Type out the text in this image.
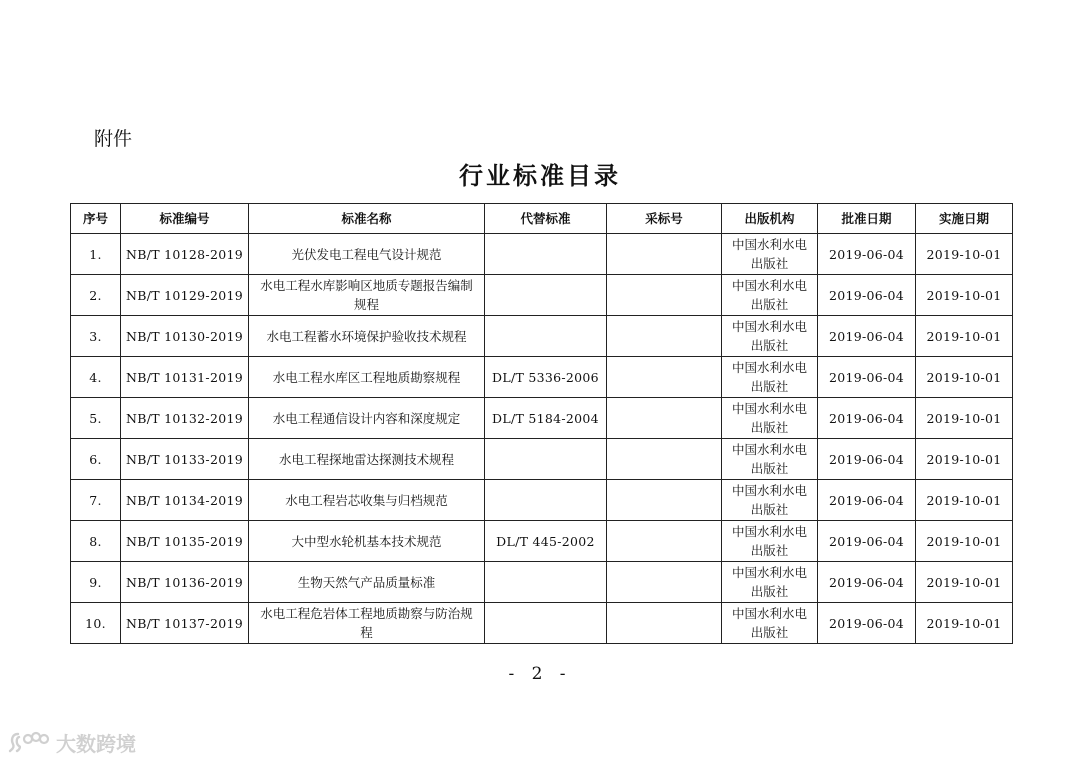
附件
行业标准目录
序号	标准编号	标准名称	代替标准	采标号	出版机构	批准日期	实施日期
1.	NB/T 10128-2019	光伏发电工程电气设计规范			中国水利水电出版社	2019-06-04	2019-10-01
2.	NB/T 10129-2019	水电工程水库影响区地质专题报告编制规程			中国水利水电出版社	2019-06-04	2019-10-01
3.	NB/T 10130-2019	水电工程蓄水环境保护验收技术规程			中国水利水电出版社	2019-06-04	2019-10-01
4.	NB/T 10131-2019	水电工程水库区工程地质勘察规程	DL/T 5336-2006		中国水利水电出版社	2019-06-04	2019-10-01
5.	NB/T 10132-2019	水电工程通信设计内容和深度规定	DL/T 5184-2004		中国水利水电出版社	2019-06-04	2019-10-01
6.	NB/T 10133-2019	水电工程探地雷达探测技术规程			中国水利水电出版社	2019-06-04	2019-10-01
7.	NB/T 10134-2019	水电工程岩芯收集与归档规范			中国水利水电出版社	2019-06-04	2019-10-01
8.	NB/T 10135-2019	大中型水轮机基本技术规范	DL/T 445-2002		中国水利水电出版社	2019-06-04	2019-10-01
9.	NB/T 10136-2019	生物天然气产品质量标准			中国水利水电出版社	2019-06-04	2019-10-01
10.	NB/T 10137-2019	水电工程危岩体工程地质勘察与防治规程			中国水利水电出版社	2019-06-04	2019-10-01
- 2 -
大数跨境
